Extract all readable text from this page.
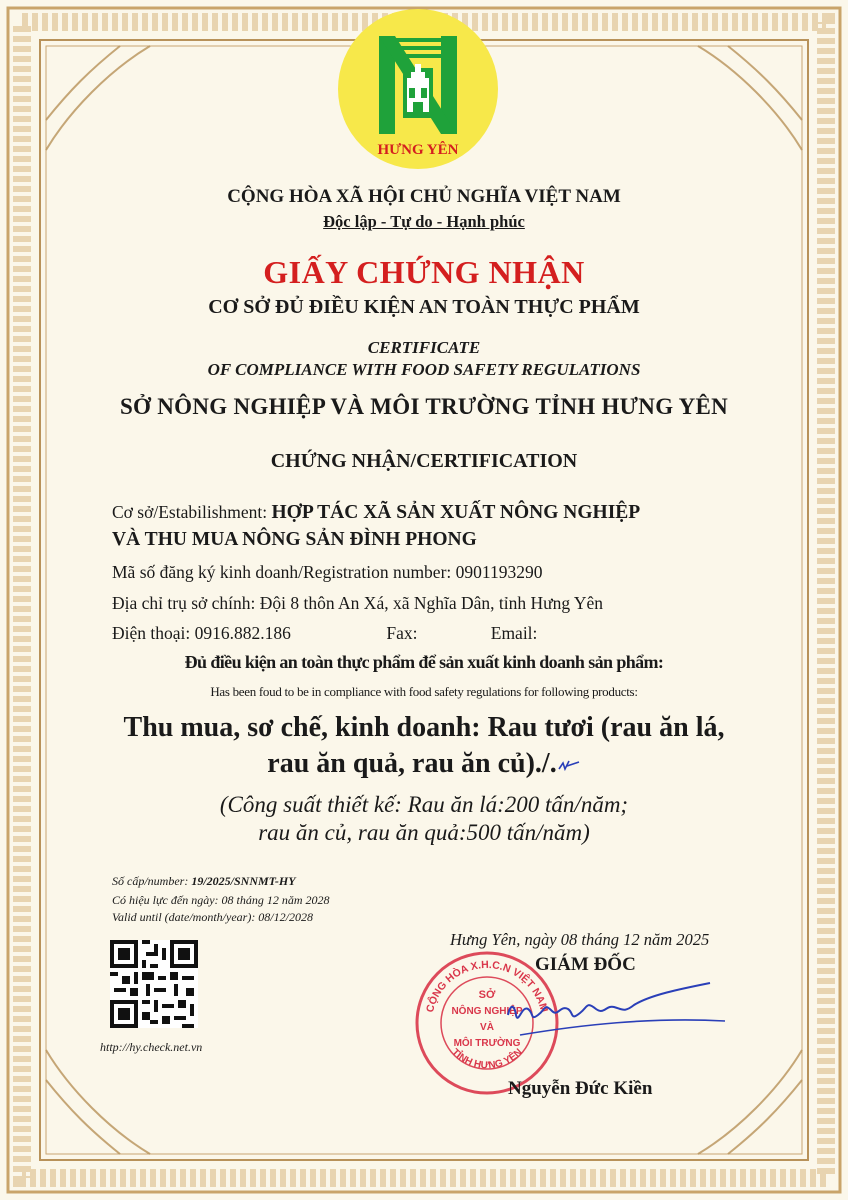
HƯNG YÊN
CỘNG HÒA XÃ HỘI CHỦ NGHĨA VIỆT NAM
Độc lập - Tự do - Hạnh phúc
GIẤY CHỨNG NHẬN
CƠ SỞ ĐỦ ĐIỀU KIỆN AN TOÀN THỰC PHẨM
CERTIFICATE
OF COMPLIANCE WITH FOOD SAFETY REGULATIONS
SỞ NÔNG NGHIỆP VÀ MÔI TRƯỜNG TỈNH HƯNG YÊN
CHỨNG NHẬN/CERTIFICATION
Cơ sở/Estabilishment: HỢP TÁC XÃ SẢN XUẤT NÔNG NGHIỆP
VÀ THU MUA NÔNG SẢN ĐÌNH PHONG
Mã số đăng ký kinh doanh/Registration number: 0901193290
Địa chỉ trụ sở chính: Đội 8 thôn An Xá, xã Nghĩa Dân, tỉnh Hưng Yên
Điện thoại: 0916.882.186	Fax:	Email:
Đủ điều kiện an toàn thực phẩm để sản xuất kinh doanh sản phẩm:
Has been foud to be in compliance with food safety regulations for following products:
Thu mua, sơ chế, kinh doanh: Rau tươi (rau ăn lá,
rau ăn quả, rau ăn củ)./.
(Công suất thiết kế: Rau ăn lá:200 tấn/năm;
rau ăn củ, rau ăn quả:500 tấn/năm)
Số cấp/number: 19/2025/SNNMT-HY
Có hiệu lực đến ngày: 08 tháng 12 năm 2028
Valid until (date/month/year): 08/12/2028
http://hy.check.net.vn
Hưng Yên, ngày 08 tháng 12 năm 2025
CỘNG HÒA X.H.C.N VIỆT NAM
TỈNH HƯNG YÊN
SỞ
NÔNG NGHIỆP
VÀ
MÔI TRƯỜNG
GIÁM ĐỐC
Nguyễn Đức Kiền
